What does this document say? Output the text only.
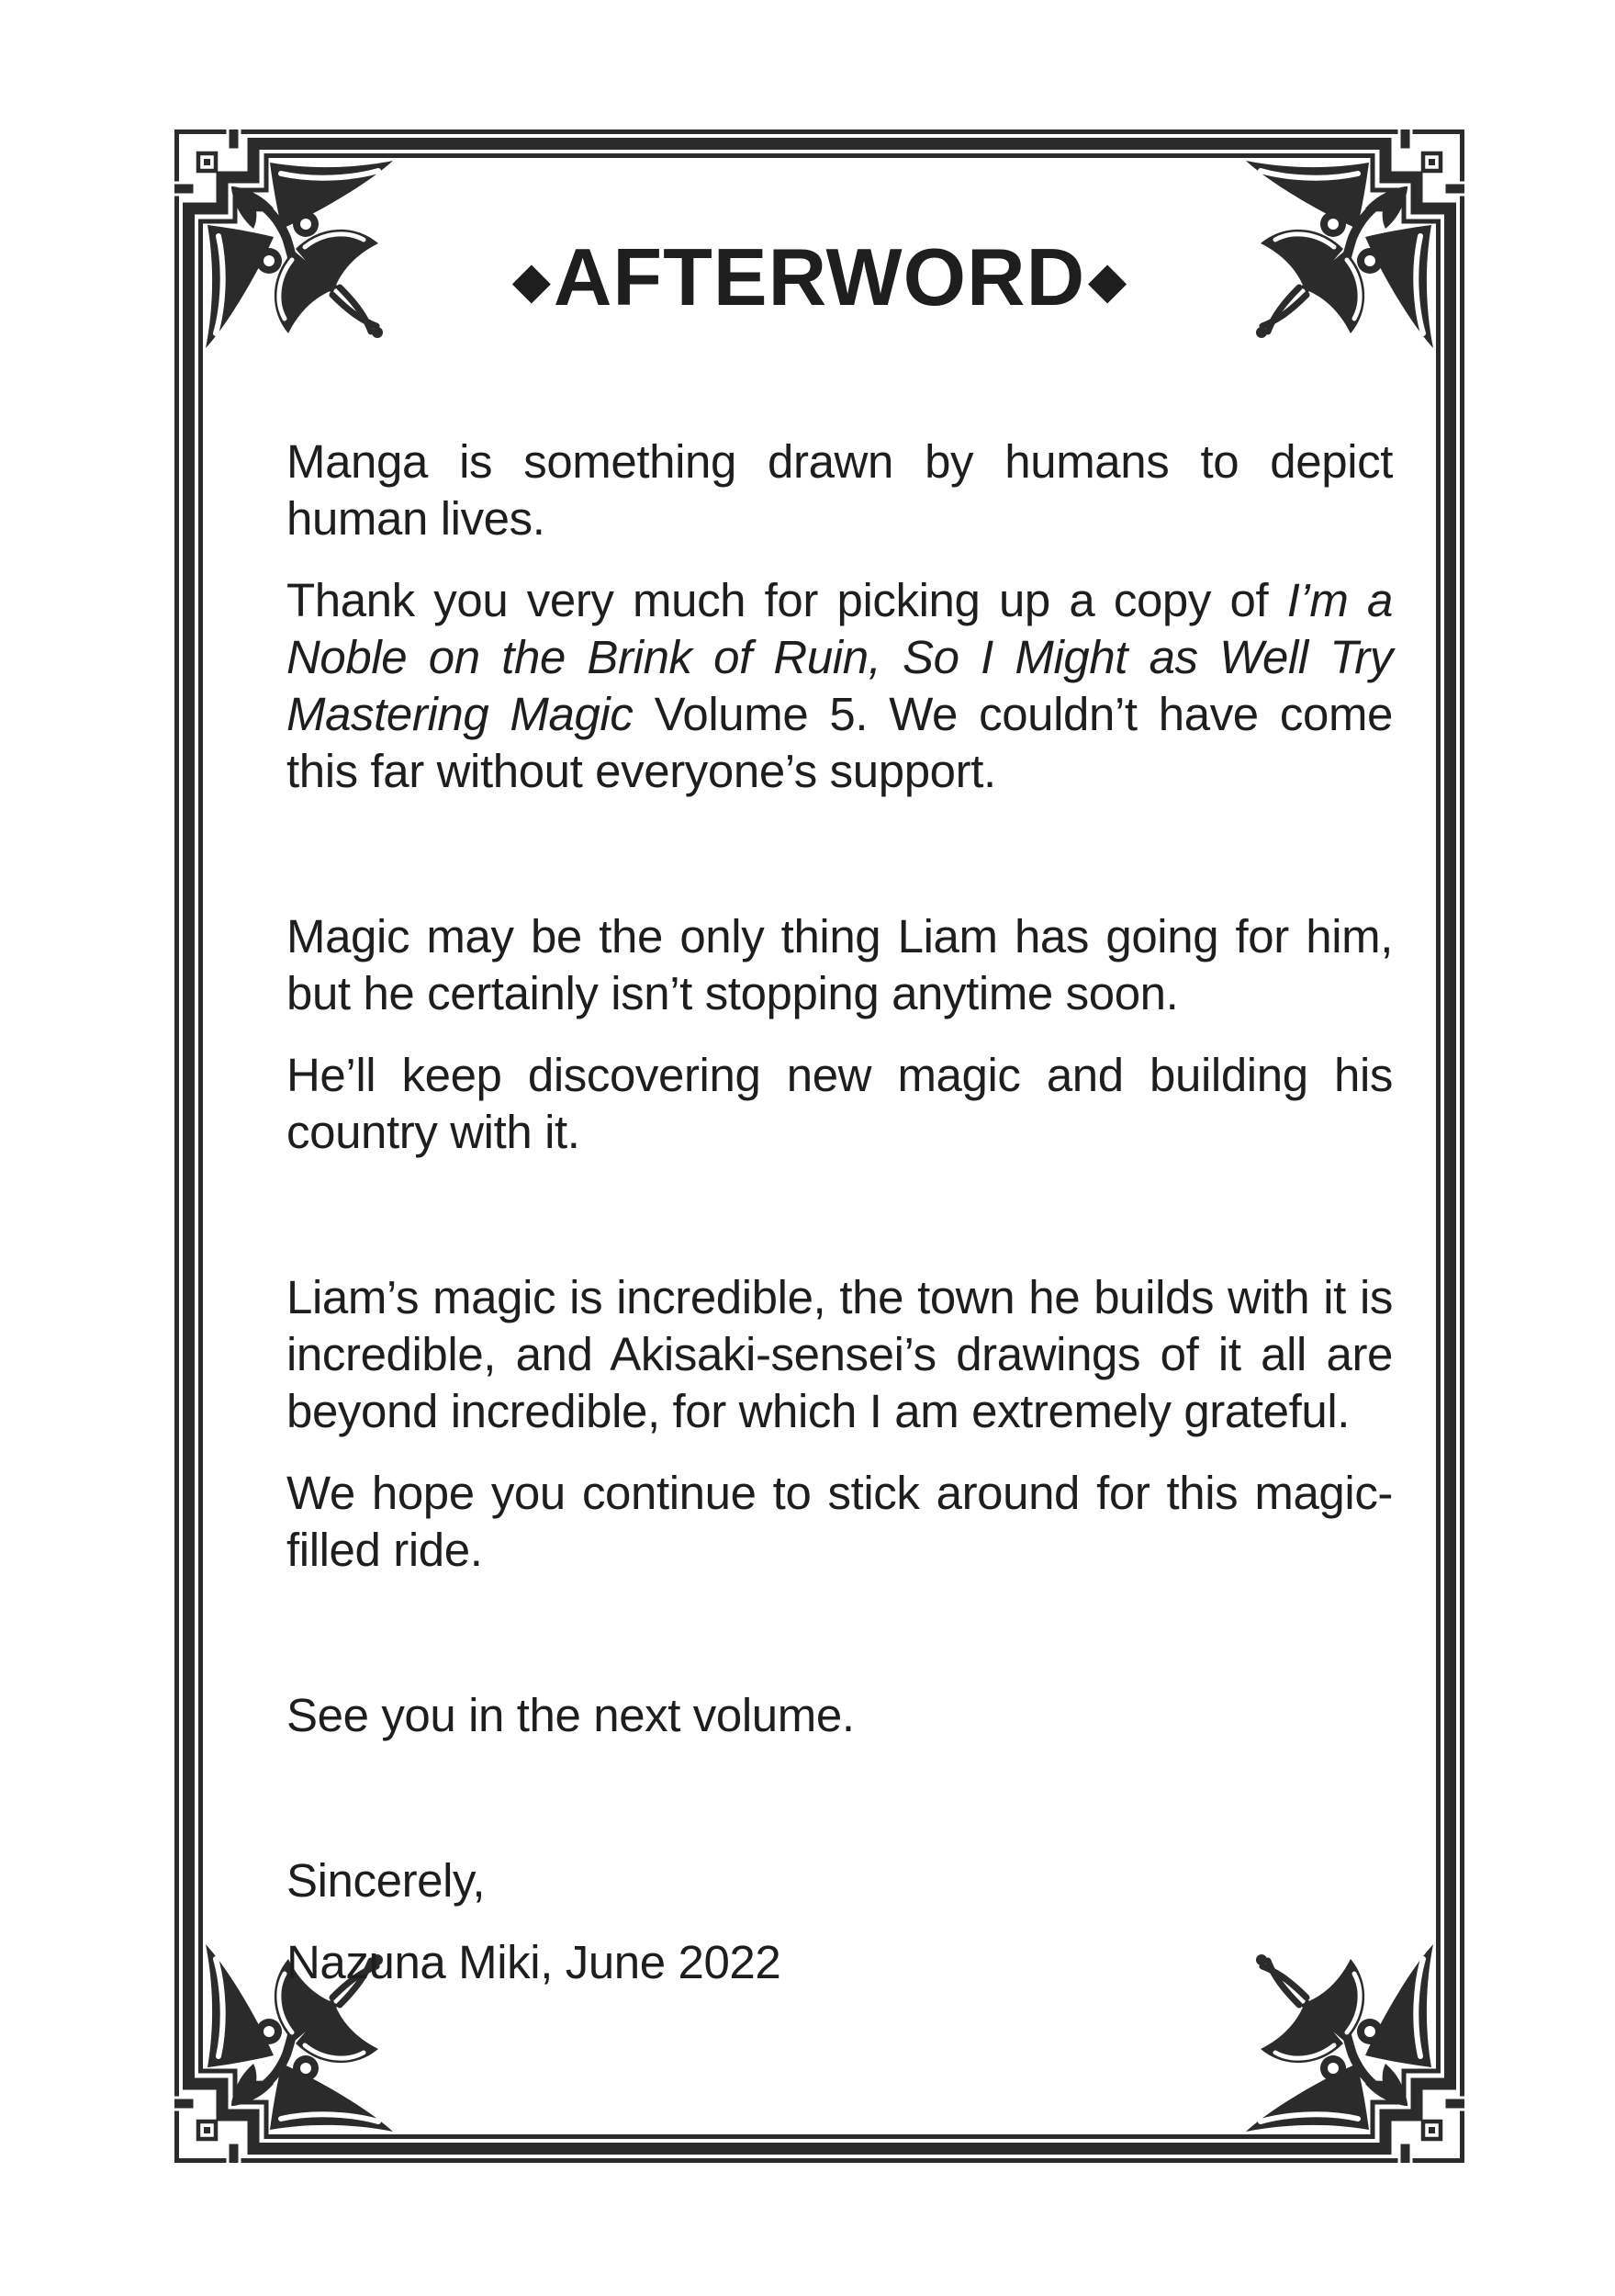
◆AFTERWORD◆

Manga is something drawn by humans to depict human lives.

Thank you very much for picking up a copy of I’m a Noble on the Brink of Ruin, So I Might as Well Try Mastering Magic Volume 5. We couldn’t have come this far without everyone’s support.

Magic may be the only thing Liam has going for him, but he certainly isn’t stopping anytime soon.

He’ll keep discovering new magic and building his country with it.

Liam’s magic is incredible, the town he builds with it is incredible, and Akisaki-sensei’s drawings of it all are beyond incredible, for which I am extremely grateful.

We hope you continue to stick around for this magic-filled ride.

See you in the next volume.

Sincerely,

Nazuna Miki, June 2022
